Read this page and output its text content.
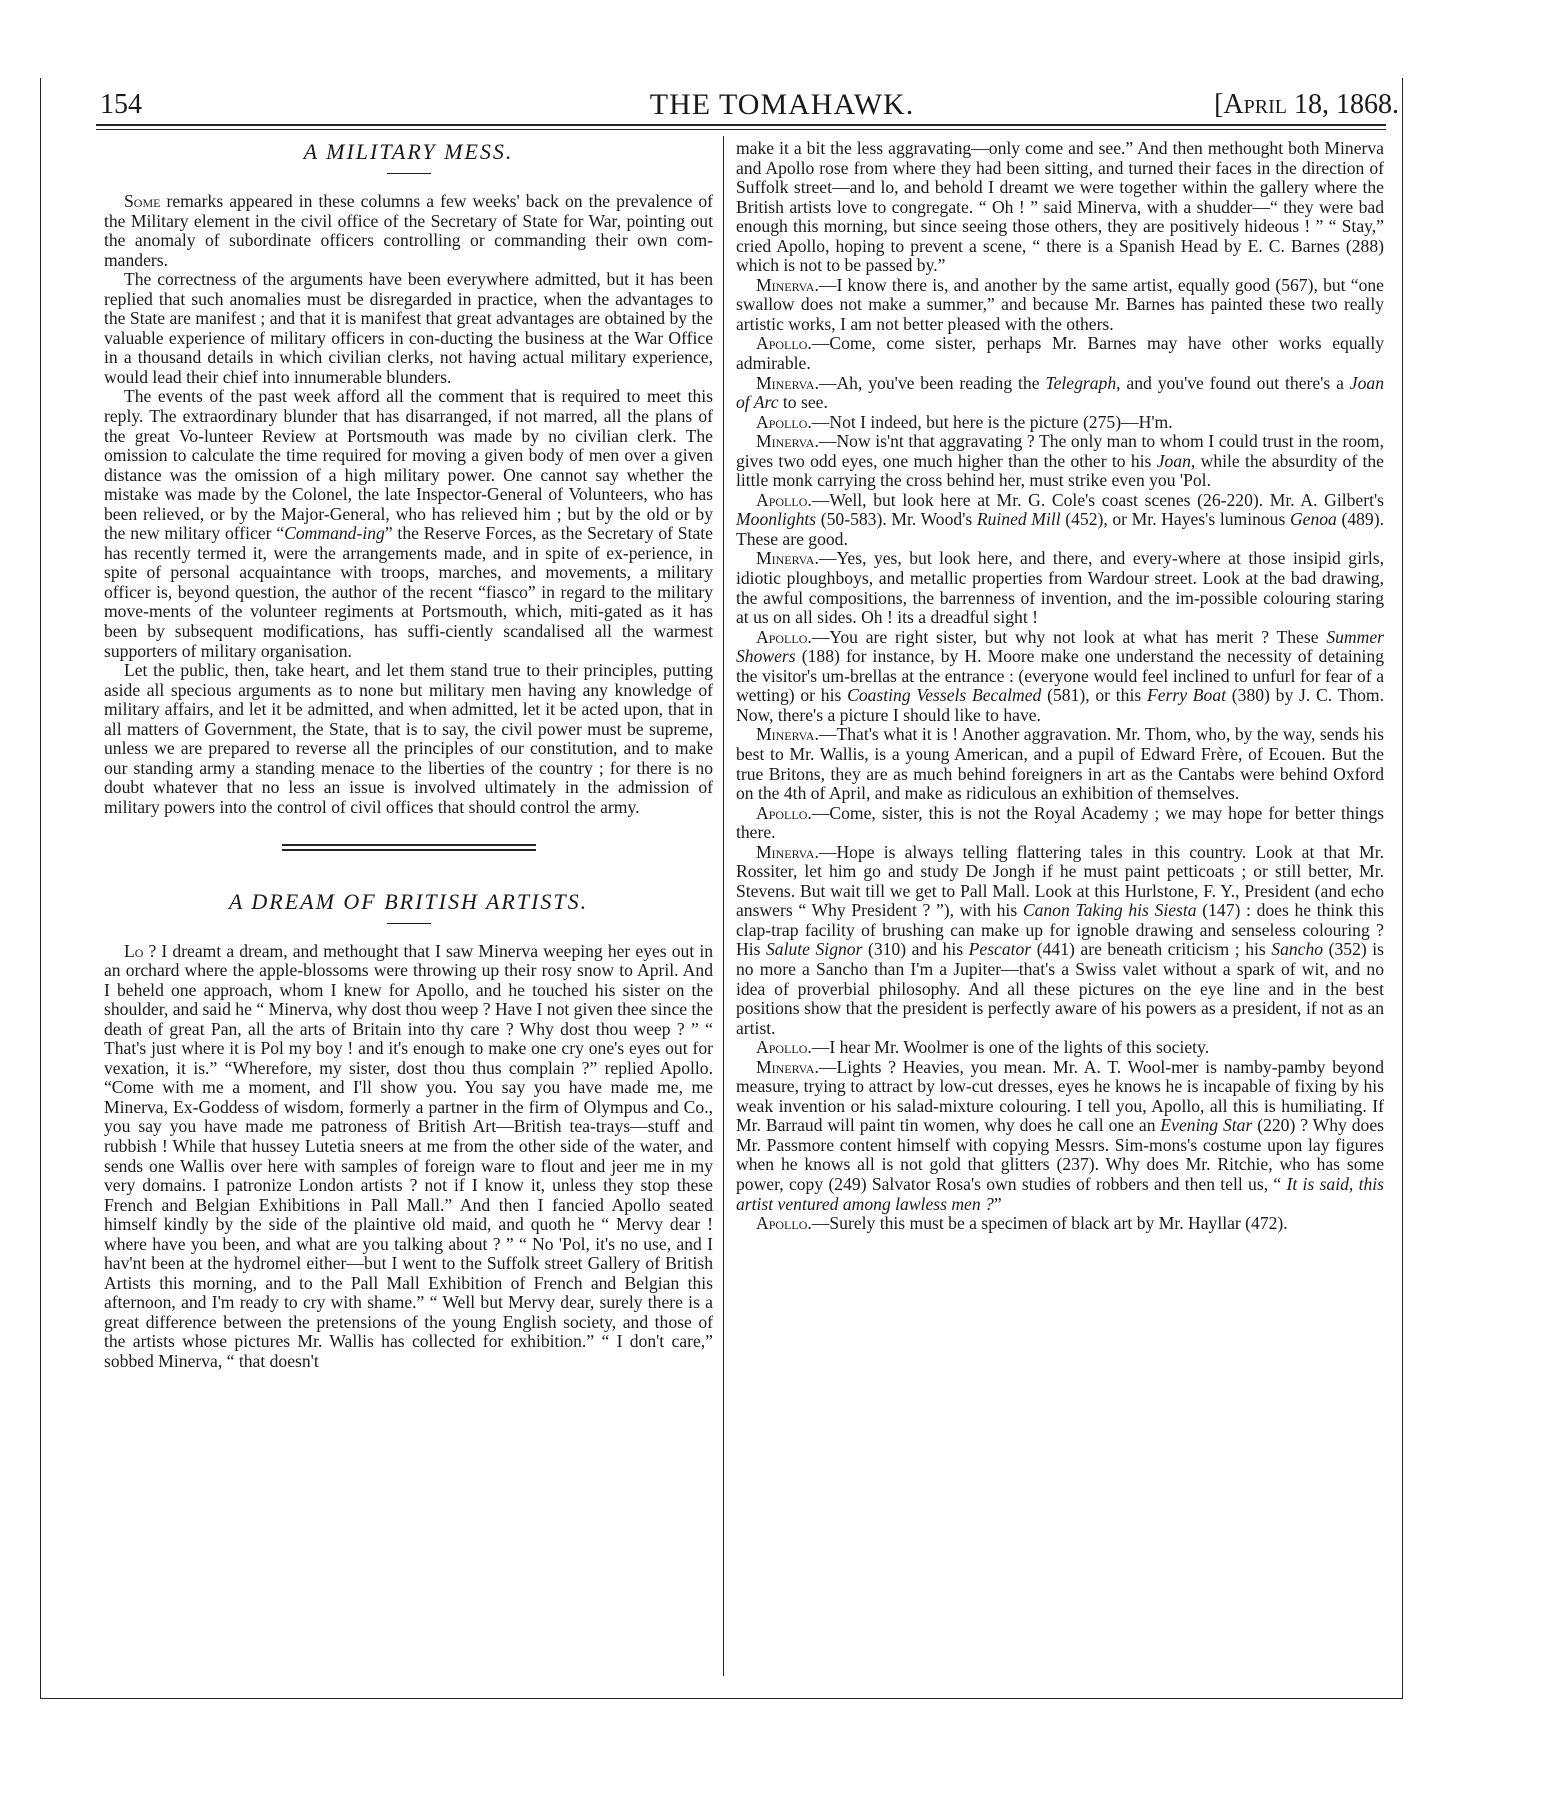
154	THE TOMAHAWK.	[April 18, 1868.
A MILITARY MESS.

Some remarks appeared in these columns a few weeks' back on the prevalence of the Military element in the civil office of the Secretary of State for War, pointing out the anomaly of subordinate officers controlling or commanding their own com-manders.

The correctness of the arguments have been everywhere admitted, but it has been replied that such anomalies must be disregarded in practice, when the advantages to the State are manifest ; and that it is manifest that great advantages are obtained by the valuable experience of military officers in con-ducting the business at the War Office in a thousand details in which civilian clerks, not having actual military experience, would lead their chief into innumerable blunders.

The events of the past week afford all the comment that is required to meet this reply. The extraordinary blunder that has disarranged, if not marred, all the plans of the great Vo-lunteer Review at Portsmouth was made by no civilian clerk. The omission to calculate the time required for moving a given body of men over a given distance was the omission of a high military power. One cannot say whether the mistake was made by the Colonel, the late Inspector-General of Volunteers, who has been relieved, or by the Major-General, who has relieved him ; but by the old or by the new military officer “Command-ing” the Reserve Forces, as the Secretary of State has recently termed it, were the arrangements made, and in spite of ex-perience, in spite of personal acquaintance with troops, marches, and movements, a military officer is, beyond question, the author of the recent “fiasco” in regard to the military move-ments of the volunteer regiments at Portsmouth, which, miti-gated as it has been by subsequent modifications, has suffi-ciently scandalised all the warmest supporters of military organisation.

Let the public, then, take heart, and let them stand true to their principles, putting aside all specious arguments as to none but military men having any knowledge of military affairs, and let it be admitted, and when admitted, let it be acted upon, that in all matters of Government, the State, that is to say, the civil power must be supreme, unless we are prepared to reverse all the principles of our constitution, and to make our standing army a standing menace to the liberties of the country ; for there is no doubt whatever that no less an issue is involved ultimately in the admission of military powers into the control of civil offices that should control the army.

A DREAM OF BRITISH ARTISTS.

Lo ? I dreamt a dream, and methought that I saw Minerva weeping her eyes out in an orchard where the apple-blossoms were throwing up their rosy snow to April. And I beheld one approach, whom I knew for Apollo, and he touched his sister on the shoulder, and said he “ Minerva, why dost thou weep ? Have I not given thee since the death of great Pan, all the arts of Britain into thy care ? Why dost thou weep ? ” “ That's just where it is Pol my boy ! and it's enough to make one cry one's eyes out for vexation, it is.” “Wherefore, my sister, dost thou thus complain ?” replied Apollo. “Come with me a moment, and I'll show you. You say you have made me, me Minerva, Ex-Goddess of wisdom, formerly a partner in the firm of Olympus and Co., you say you have made me patroness of British Art—British tea-trays—stuff and rubbish ! While that hussey Lutetia sneers at me from the other side of the water, and sends one Wallis over here with samples of foreign ware to flout and jeer me in my very domains. I patronize London artists ? not if I know it, unless they stop these French and Belgian Exhibitions in Pall Mall.” And then I fancied Apollo seated himself kindly by the side of the plaintive old maid, and quoth he “ Mervy dear ! where have you been, and what are you talking about ? ” “ No 'Pol, it's no use, and I hav'nt been at the hydromel either—but I went to the Suffolk street Gallery of British Artists this morning, and to the Pall Mall Exhibition of French and Belgian this afternoon, and I'm ready to cry with shame.” “ Well but Mervy dear, surely there is a great difference between the pretensions of the young English society, and those of the artists whose pictures Mr. Wallis has collected for exhibition.” “ I don't care,” sobbed Minerva, “ that doesn't

make it a bit the less aggravating—only come and see.” And then methought both Minerva and Apollo rose from where they had been sitting, and turned their faces in the direction of Suffolk street—and lo, and behold I dreamt we were together within the gallery where the British artists love to congregate. “ Oh ! ” said Minerva, with a shudder—“ they were bad enough this morning, but since seeing those others, they are positively hideous ! ” “ Stay,” cried Apollo, hoping to prevent a scene, “ there is a Spanish Head by E. C. Barnes (288) which is not to be passed by.”

Minerva.—I know there is, and another by the same artist, equally good (567), but “one swallow does not make a summer,” and because Mr. Barnes has painted these two really artistic works, I am not better pleased with the others.

Apollo.—Come, come sister, perhaps Mr. Barnes may have other works equally admirable.

Minerva.—Ah, you've been reading the Telegraph, and you've found out there's a Joan of Arc to see.

Apollo.—Not I indeed, but here is the picture (275)—H'm.

Minerva.—Now is'nt that aggravating ? The only man to whom I could trust in the room, gives two odd eyes, one much higher than the other to his Joan, while the absurdity of the little monk carrying the cross behind her, must strike even you 'Pol.

Apollo.—Well, but look here at Mr. G. Cole's coast scenes (26-220). Mr. A. Gilbert's Moonlights (50-583). Mr. Wood's Ruined Mill (452), or Mr. Hayes's luminous Genoa (489). These are good.

Minerva.—Yes, yes, but look here, and there, and every-where at those insipid girls, idiotic ploughboys, and metallic properties from Wardour street. Look at the bad drawing, the awful compositions, the barrenness of invention, and the im-possible colouring staring at us on all sides. Oh ! its a dreadful sight !

Apollo.—You are right sister, but why not look at what has merit ? These Summer Showers (188) for instance, by H. Moore make one understand the necessity of detaining the visitor's um-brellas at the entrance : (everyone would feel inclined to unfurl for fear of a wetting) or his Coasting Vessels Becalmed (581), or this Ferry Boat (380) by J. C. Thom. Now, there's a picture I should like to have.

Minerva.—That's what it is ! Another aggravation. Mr. Thom, who, by the way, sends his best to Mr. Wallis, is a young American, and a pupil of Edward Frère, of Ecouen. But the true Britons, they are as much behind foreigners in art as the Cantabs were behind Oxford on the 4th of April, and make as ridiculous an exhibition of themselves.

Apollo.—Come, sister, this is not the Royal Academy ; we may hope for better things there.

Minerva.—Hope is always telling flattering tales in this country. Look at that Mr. Rossiter, let him go and study De Jongh if he must paint petticoats ; or still better, Mr. Stevens. But wait till we get to Pall Mall. Look at this Hurlstone, F. Y., President (and echo answers “ Why President ? ”), with his Canon Taking his Siesta (147) : does he think this clap-trap facility of brushing can make up for ignoble drawing and senseless colouring ? His Salute Signor (310) and his Pescator (441) are beneath criticism ; his Sancho (352) is no more a Sancho than I'm a Jupiter—that's a Swiss valet without a spark of wit, and no idea of proverbial philosophy. And all these pictures on the eye line and in the best positions show that the president is perfectly aware of his powers as a president, if not as an artist.

Apollo.—I hear Mr. Woolmer is one of the lights of this society.

Minerva.—Lights ? Heavies, you mean. Mr. A. T. Wool-mer is namby-pamby beyond measure, trying to attract by low-cut dresses, eyes he knows he is incapable of fixing by his weak invention or his salad-mixture colouring. I tell you, Apollo, all this is humiliating. If Mr. Barraud will paint tin women, why does he call one an Evening Star (220) ? Why does Mr. Passmore content himself with copying Messrs. Sim-mons's costume upon lay figures when he knows all is not gold that glitters (237). Why does Mr. Ritchie, who has some power, copy (249) Salvator Rosa's own studies of robbers and then tell us, “ It is said, this artist ventured among lawless men ?”

Apollo.—Surely this must be a specimen of black art by Mr. Hayllar (472).
